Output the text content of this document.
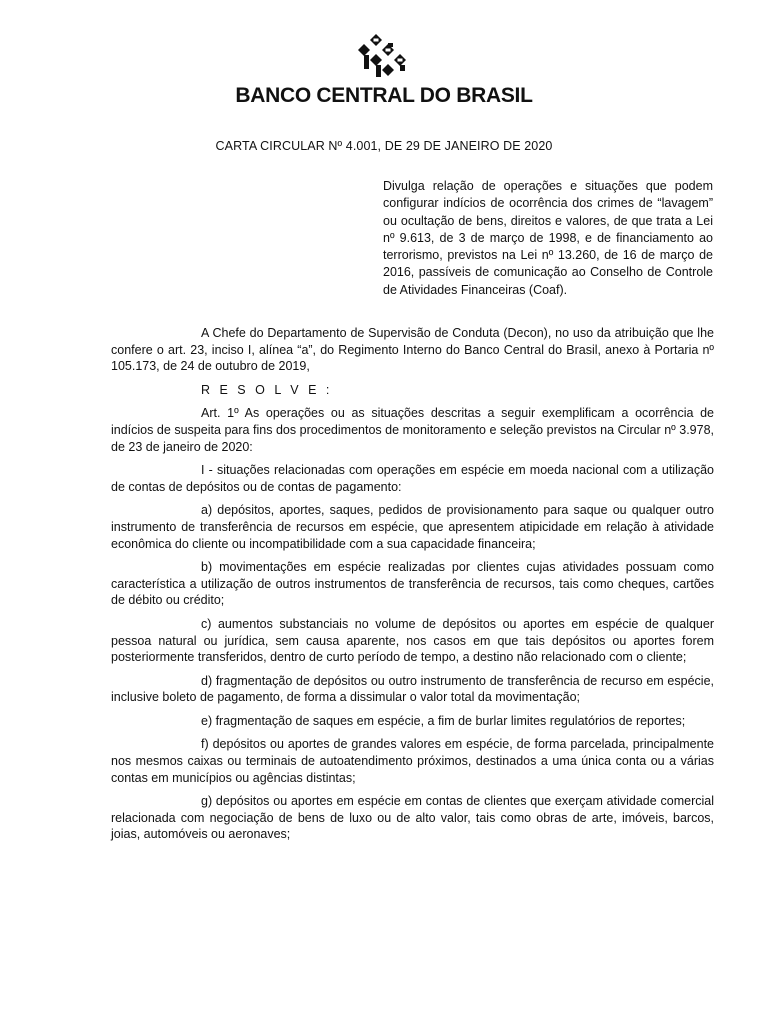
BANCO CENTRAL DO BRASIL
CARTA CIRCULAR Nº 4.001, DE 29 DE JANEIRO DE 2020
Divulga relação de operações e situações que podem configurar indícios de ocorrência dos crimes de “lavagem” ou ocultação de bens, direitos e valores, de que trata a Lei nº 9.613, de 3 de março de 1998, e de financiamento ao terrorismo, previstos na Lei nº 13.260, de 16 de março de 2016, passíveis de comunicação ao Conselho de Controle de Atividades Financeiras (Coaf).

A Chefe do Departamento de Supervisão de Conduta (Decon), no uso da atribuição que lhe confere o art. 23, inciso I, alínea “a”, do Regimento Interno do Banco Central do Brasil, anexo à Portaria nº 105.173, de 24 de outubro de 2019,

R E S O L V E :

Art. 1º As operações ou as situações descritas a seguir exemplificam a ocorrência de indícios de suspeita para fins dos procedimentos de monitoramento e seleção previstos na Circular nº 3.978, de 23 de janeiro de 2020:

I - situações relacionadas com operações em espécie em moeda nacional com a utilização de contas de depósitos ou de contas de pagamento:

a) depósitos, aportes, saques, pedidos de provisionamento para saque ou qualquer outro instrumento de transferência de recursos em espécie, que apresentem atipicidade em relação à atividade econômica do cliente ou incompatibilidade com a sua capacidade financeira;

b) movimentações em espécie realizadas por clientes cujas atividades possuam como característica a utilização de outros instrumentos de transferência de recursos, tais como cheques, cartões de débito ou crédito;

c) aumentos substanciais no volume de depósitos ou aportes em espécie de qualquer pessoa natural ou jurídica, sem causa aparente, nos casos em que tais depósitos ou aportes forem posteriormente transferidos, dentro de curto período de tempo, a destino não relacionado com o cliente;

d) fragmentação de depósitos ou outro instrumento de transferência de recurso em espécie, inclusive boleto de pagamento, de forma a dissimular o valor total da movimentação;

e) fragmentação de saques em espécie, a fim de burlar limites regulatórios de reportes;

f) depósitos ou aportes de grandes valores em espécie, de forma parcelada, principalmente nos mesmos caixas ou terminais de autoatendimento próximos, destinados a uma única conta ou a várias contas em municípios ou agências distintas;

g) depósitos ou aportes em espécie em contas de clientes que exerçam atividade comercial relacionada com negociação de bens de luxo ou de alto valor, tais como obras de arte, imóveis, barcos, joias, automóveis ou aeronaves;
